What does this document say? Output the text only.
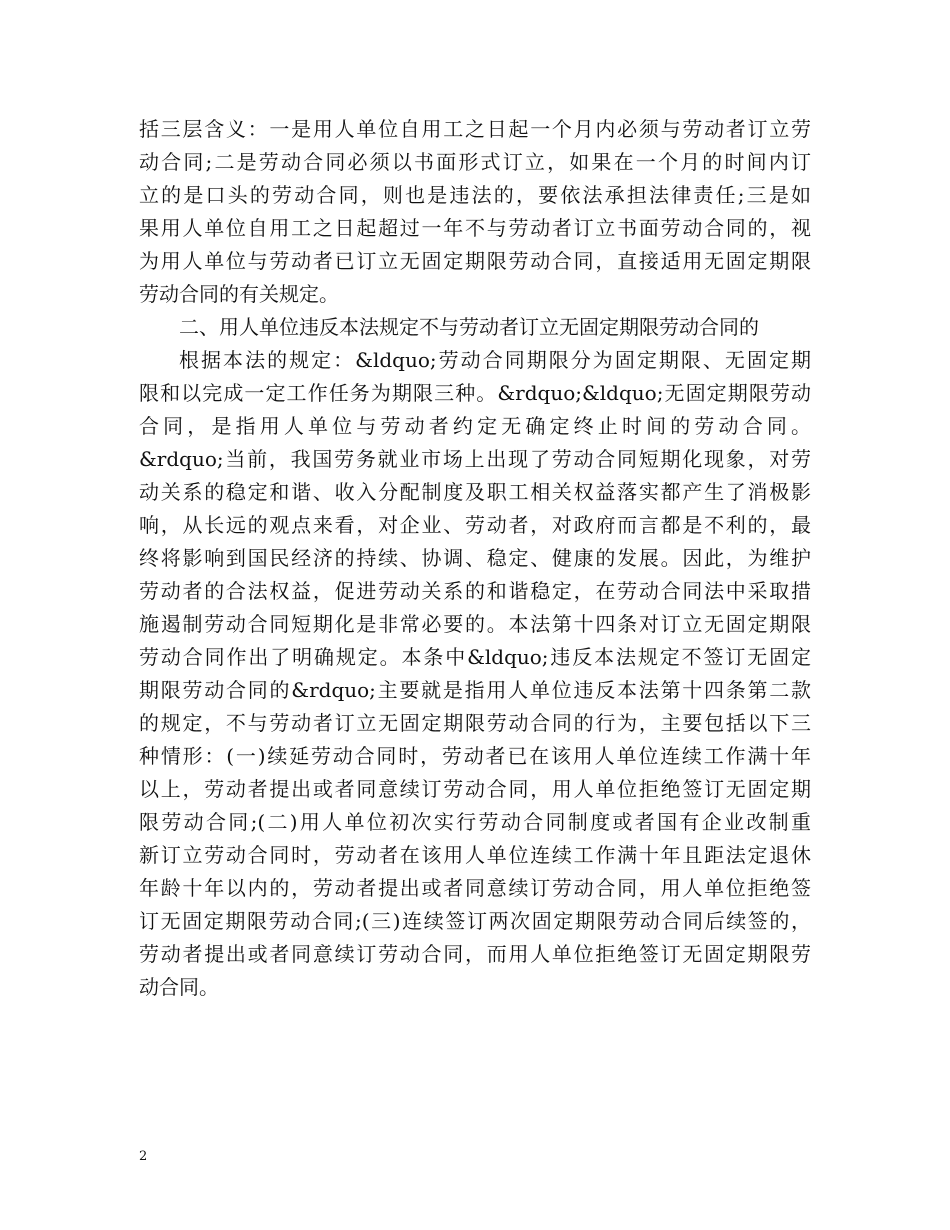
括三层含义：一是用人单位自用工之日起一个月内必须与劳动者订立劳
动合同;二是劳动合同必须以书面形式订立，如果在一个月的时间内订
立的是口头的劳动合同，则也是违法的，要依法承担法律责任;三是如
果用人单位自用工之日起超过一年不与劳动者订立书面劳动合同的，视
为用人单位与劳动者已订立无固定期限劳动合同，直接适用无固定期限
劳动合同的有关规定。
二、用人单位违反本法规定不与劳动者订立无固定期限劳动合同的
根据本法的规定：&ldquo;劳动合同期限分为固定期限、无固定期
限和以完成一定工作任务为期限三种。&rdquo;&ldquo;无固定期限劳动
合同，是指用人单位与劳动者约定无确定终止时间的劳动合同。
&rdquo;当前，我国劳务就业市场上出现了劳动合同短期化现象，对劳
动关系的稳定和谐、收入分配制度及职工相关权益落实都产生了消极影
响，从长远的观点来看，对企业、劳动者，对政府而言都是不利的，最
终将影响到国民经济的持续、协调、稳定、健康的发展。因此，为维护
劳动者的合法权益，促进劳动关系的和谐稳定，在劳动合同法中采取措
施遏制劳动合同短期化是非常必要的。本法第十四条对订立无固定期限
劳动合同作出了明确规定。本条中&ldquo;违反本法规定不签订无固定
期限劳动合同的&rdquo;主要就是指用人单位违反本法第十四条第二款
的规定，不与劳动者订立无固定期限劳动合同的行为，主要包括以下三
种情形：(一)续延劳动合同时，劳动者已在该用人单位连续工作满十年
以上，劳动者提出或者同意续订劳动合同，用人单位拒绝签订无固定期
限劳动合同;(二)用人单位初次实行劳动合同制度或者国有企业改制重
新订立劳动合同时，劳动者在该用人单位连续工作满十年且距法定退休
年龄十年以内的，劳动者提出或者同意续订劳动合同，用人单位拒绝签
订无固定期限劳动合同;(三)连续签订两次固定期限劳动合同后续签的，
劳动者提出或者同意续订劳动合同，而用人单位拒绝签订无固定期限劳
动合同。
2
